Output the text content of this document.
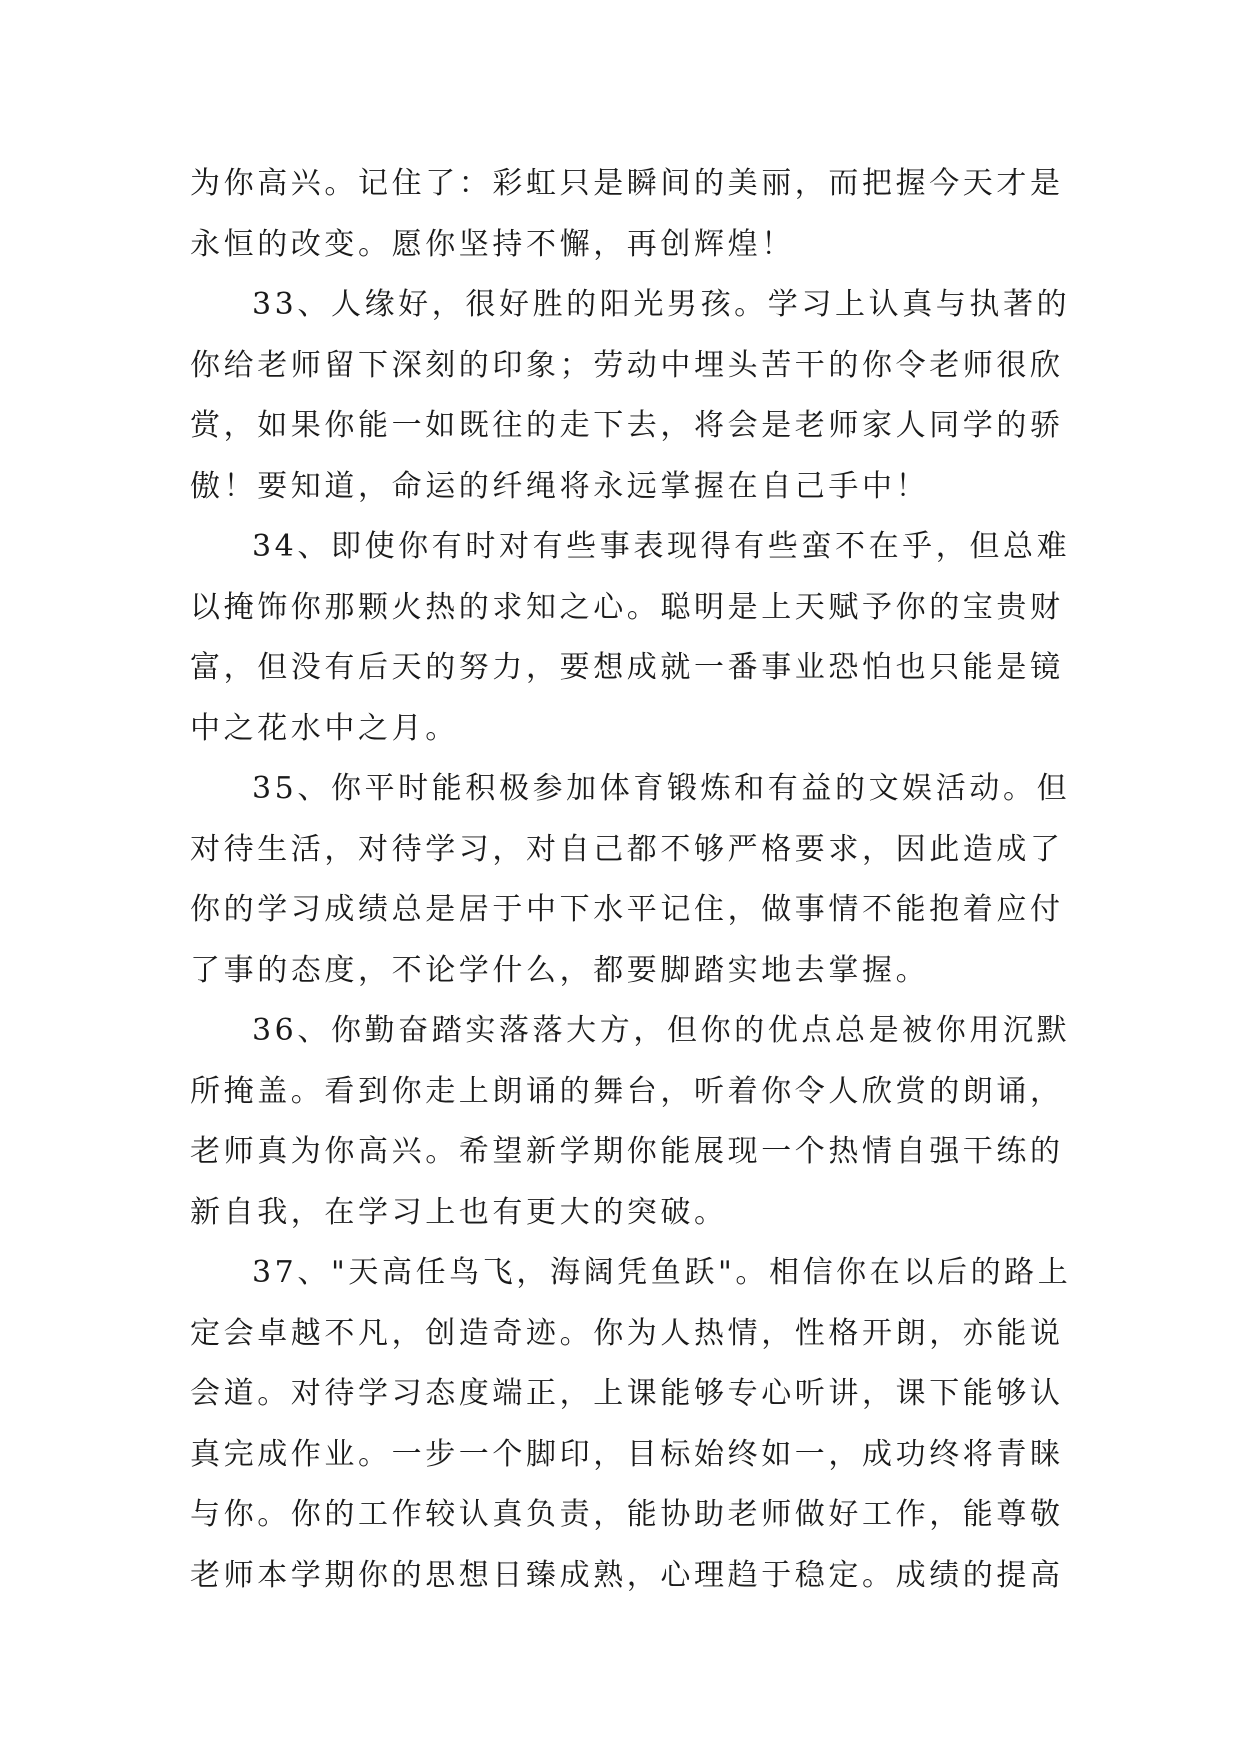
为你高兴。记住了：彩虹只是瞬间的美丽，而把握今天才是
永恒的改变。愿你坚持不懈，再创辉煌！
33、人缘好，很好胜的阳光男孩。学习上认真与执著的
你给老师留下深刻的印象；劳动中埋头苦干的你令老师很欣
赏，如果你能一如既往的走下去，将会是老师家人同学的骄
傲！要知道，命运的纤绳将永远掌握在自己手中！
34、即使你有时对有些事表现得有些蛮不在乎，但总难
以掩饰你那颗火热的求知之心。聪明是上天赋予你的宝贵财
富，但没有后天的努力，要想成就一番事业恐怕也只能是镜
中之花水中之月。
35、你平时能积极参加体育锻炼和有益的文娱活动。但
对待生活，对待学习，对自己都不够严格要求，因此造成了
你的学习成绩总是居于中下水平记住，做事情不能抱着应付
了事的态度，不论学什么，都要脚踏实地去掌握。
36、你勤奋踏实落落大方，但你的优点总是被你用沉默
所掩盖。看到你走上朗诵的舞台，听着你令人欣赏的朗诵，
老师真为你高兴。希望新学期你能展现一个热情自强干练的
新自我，在学习上也有更大的突破。
37、"天高任鸟飞，海阔凭鱼跃"。相信你在以后的路上
定会卓越不凡，创造奇迹。你为人热情，性格开朗，亦能说
会道。对待学习态度端正，上课能够专心听讲，课下能够认
真完成作业。一步一个脚印，目标始终如一，成功终将青睐
与你。你的工作较认真负责，能协助老师做好工作，能尊敬
老师本学期你的思想日臻成熟，心理趋于稳定。成绩的提高
